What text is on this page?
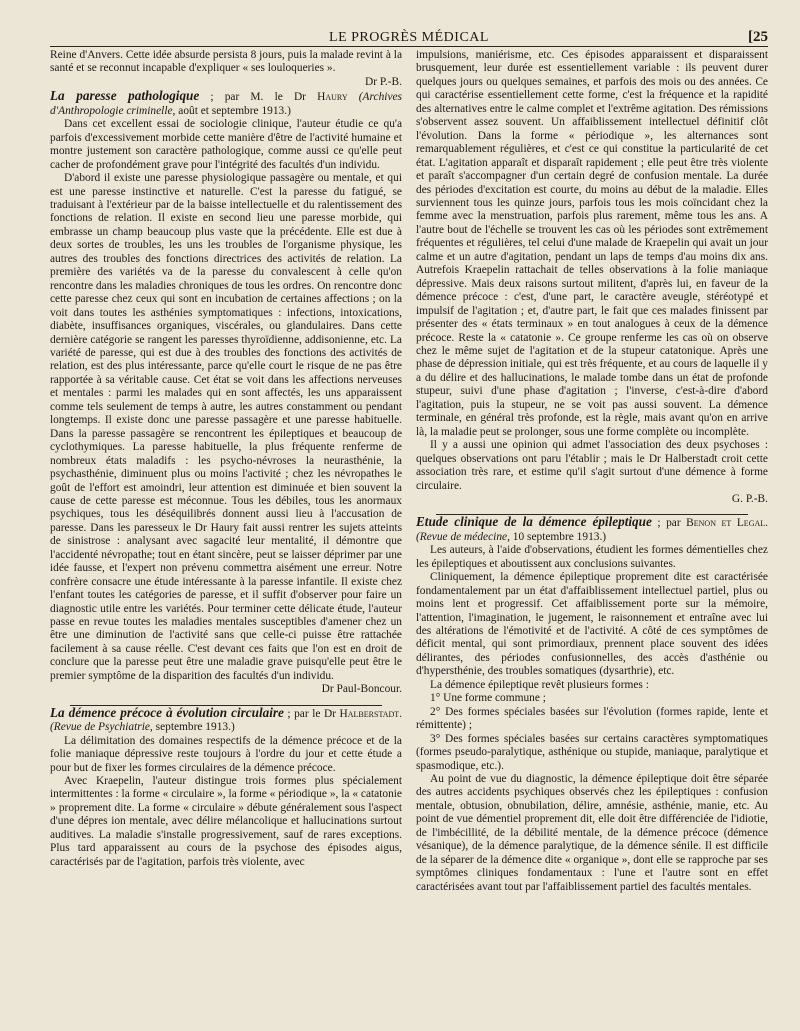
LE PROGRÈS MÉDICAL	[25

Reine d'Anvers. Cette idée absurde persista 8 jours, puis la malade revint à la santé et se reconnut incapable d'expliquer « ses louloqueries ».
Dr P.-B.

La paresse pathologique ; par M. le Dr Haury (Archives d'Anthropologie criminelle, août et septembre 1913.)

Dans cet excellent essai de sociologie clinique, l'auteur étudie ce qu'a parfois d'excessivement morbide cette manière d'être de l'activité humaine et montre justement son caractère pathologique, comme aussi ce qu'elle peut cacher de profondément grave pour l'intégrité des facultés d'un individu.

D'abord il existe une paresse physiologique passagère ou mentale, et qui est une paresse instinctive et naturelle. C'est la paresse du fatigué, se traduisant à l'extérieur par de la baisse intellectuelle et du ralentissement des fonctions de relation. Il existe en second lieu une paresse morbide, qui embrasse un champ beaucoup plus vaste que la précédente. Elle est due à deux sortes de troubles, les uns les troubles de l'organisme physique, les autres des troubles des fonctions directrices des activités de relation. La première des variétés va de la paresse du convalescent à celle qu'on rencontre dans les maladies chroniques de tous les ordres. On rencontre donc cette paresse chez ceux qui sont en incubation de certaines affections ; on la voit dans toutes les asthénies symptomatiques : infections, intoxications, diabète, insuffisances organiques, viscérales, ou glandulaires. Dans cette dernière catégorie se rangent les paresses thyroïdienne, addisonienne, etc. La variété de paresse, qui est due à des troubles des fonctions des activités de relation, est des plus intéressante, parce qu'elle court le risque de ne pas être rapportée à sa véritable cause. Cet état se voit dans les affections nerveuses et mentales : parmi les malades qui en sont affectés, les uns apparaissent comme tels seulement de temps à autre, les autres constamment ou pendant longtemps. Il existe donc une paresse passagère et une paresse habituelle. Dans la paresse passagère se rencontrent les épileptiques et beaucoup de cyclothymiques. La paresse habituelle, la plus fréquente renferme de nombreux états maladifs : les psycho-névroses la neurasthénie, la psychasthénie, diminuent plus ou moins l'activité ; chez les névropathes le goût de l'effort est amoindri, leur attention est diminuée et bien souvent la cause de cette paresse est méconnue. Tous les débiles, tous les anormaux psychiques, tous les déséquilibrés donnent aussi lieu à l'accusation de paresse. Dans les paresseux le Dr Haury fait aussi rentrer les sujets atteints de sinistrose : analysant avec sagacité leur mentalité, il démontre que l'accidenté névropathe; tout en étant sincère, peut se laisser déprimer par une idée fausse, et l'expert non prévenu commettra aisément une erreur. Notre confrère consacre une étude intéressante à la paresse infantile. Il existe chez l'enfant toutes les catégories de paresse, et il suffit d'observer pour faire un diagnostic utile entre les variétés. Pour terminer cette délicate étude, l'auteur passe en revue toutes les maladies mentales susceptibles d'amener chez un être une diminution de l'activité sans que celle-ci puisse être rattachée facilement à sa cause réelle. C'est devant ces faits que l'on est en droit de conclure que la paresse peut être une maladie grave puisqu'elle peut être le premier symptôme de la disparition des facultés d'un individu.

Dr Paul-Boncour.

La démence précoce à évolution circulaire ; par le Dr Halberstadt. (Revue de Psychiatrie, septembre 1913.)

La délimitation des domaines respectifs de la démence précoce et de la folie maniaque dépressive reste toujours à l'ordre du jour et cette étude a pour but de fixer les formes circulaires de la démence précoce.

Avec Kraepelin, l'auteur distingue trois formes plus spécialement intermittentes : la forme « circulaire », la forme « périodique », la « catatonie » proprement dite. La forme « circulaire » débute généralement sous l'aspect d'une dépres ion mentale, avec délire mélancolique et hallucinations surtout auditives. La maladie s'installe progressivement, sauf de rares exceptions. Plus tard apparaissent au cours de la psychose des épisodes aigus, caractérisés par de l'agitation, parfois très violente, avec

impulsions, maniérisme, etc. Ces épisodes apparaissent et disparaissent brusquement, leur durée est essentiellement variable : ils peuvent durer quelques jours ou quelques semaines, et parfois des mois ou des années. Ce qui caractérise essentiellement cette forme, c'est la fréquence et la rapidité des alternatives entre le calme complet et l'extrême agitation. Des rémissions s'observent assez souvent. Un affaiblissement intellectuel définitif clôt l'évolution. Dans la forme « périodique », les alternances sont remarquablement régulières, et c'est ce qui constitue la particularité de cet état. L'agitation apparaît et disparaît rapidement ; elle peut être très violente et paraît s'accompagner d'un certain degré de confusion mentale. La durée des périodes d'excitation est courte, du moins au début de la maladie. Elles surviennent tous les quinze jours, parfois tous les mois coïncidant chez la femme avec la menstruation, parfois plus rarement, même tous les ans. A l'autre bout de l'échelle se trouvent les cas où les périodes sont extrêmement fréquentes et régulières, tel celui d'une malade de Kraepelin qui avait un jour calme et un autre d'agitation, pendant un laps de temps d'au moins dix ans. Autrefois Kraepelin rattachait de telles observations à la folie maniaque dépressive. Mais deux raisons surtout militent, d'après lui, en faveur de la démence précoce : c'est, d'une part, le caractère aveugle, stéréotypé et impulsif de l'agitation ; et, d'autre part, le fait que ces malades finissent par présenter des « états terminaux » en tout analogues à ceux de la démence précoce. Reste la « catatonie ». Ce groupe renferme les cas où on observe chez le même sujet de l'agitation et de la stupeur catatonique. Après une phase de dépression initiale, qui est très fréquente, et au cours de laquelle il y a du délire et des hallucinations, le malade tombe dans un état de profonde stupeur, suivi d'une phase d'agitation ; l'inverse, c'est-à-dire d'abord l'agitation, puis la stupeur, ne se voit pas aussi souvent. La démence terminale, en général très profonde, est la règle, mais avant qu'on en arrive là, la maladie peut se prolonger, sous une forme complète ou incomplète.

Il y a aussi une opinion qui admet l'association des deux psychoses : quelques observations ont paru l'établir ; mais le Dr Halberstadt croit cette association très rare, et estime qu'il s'agit surtout d'une démence à forme circulaire.
G. P.-B.

Etude clinique de la démence épileptique ; par Benon et Legal. (Revue de médecine, 10 septembre 1913.)

Les auteurs, à l'aide d'observations, étudient les formes démentielles chez les épileptiques et aboutissent aux conclusions suivantes.

Cliniquement, la démence épileptique proprement dite est caractérisée fondamentalement par un état d'affaiblissement intellectuel partiel, plus ou moins lent et progressif. Cet affaiblissement porte sur la mémoire, l'attention, l'imagination, le jugement, le raisonnement et entraîne avec lui des altérations de l'émotivité et de l'activité. A côté de ces symptômes de déficit mental, qui sont primordiaux, prennent place souvent des idées délirantes, des périodes confusionnelles, des accès d'asthénie ou d'hypersthénie, des troubles somatiques (dysarthrie), etc.

La démence épileptique revêt plusieurs formes :

1° Une forme commune ;

2° Des formes spéciales basées sur l'évolution (formes rapide, lente et rémittente) ;

3° Des formes spéciales basées sur certains caractères symptomatiques (formes pseudo-paralytique, asthénique ou stupide, maniaque, paralytique et spasmodique, etc.).

Au point de vue du diagnostic, la démence épileptique doit être séparée des autres accidents psychiques observés chez les épileptiques : confusion mentale, obtusion, obnubilation, délire, amnésie, asthénie, manie, etc. Au point de vue démentiel proprement dit, elle doit être différenciée de l'idiotie, de l'imbécillité, de la débilité mentale, de la démence précoce (démence vésanique), de la démence paralytique, de la démence sénile. Il est difficile de la séparer de la démence dite « organique », dont elle se rapproche par ses symptômes cliniques fondamentaux : l'une et l'autre sont en effet caractérisées avant tout par l'affaiblissement partiel des facultés mentales.
